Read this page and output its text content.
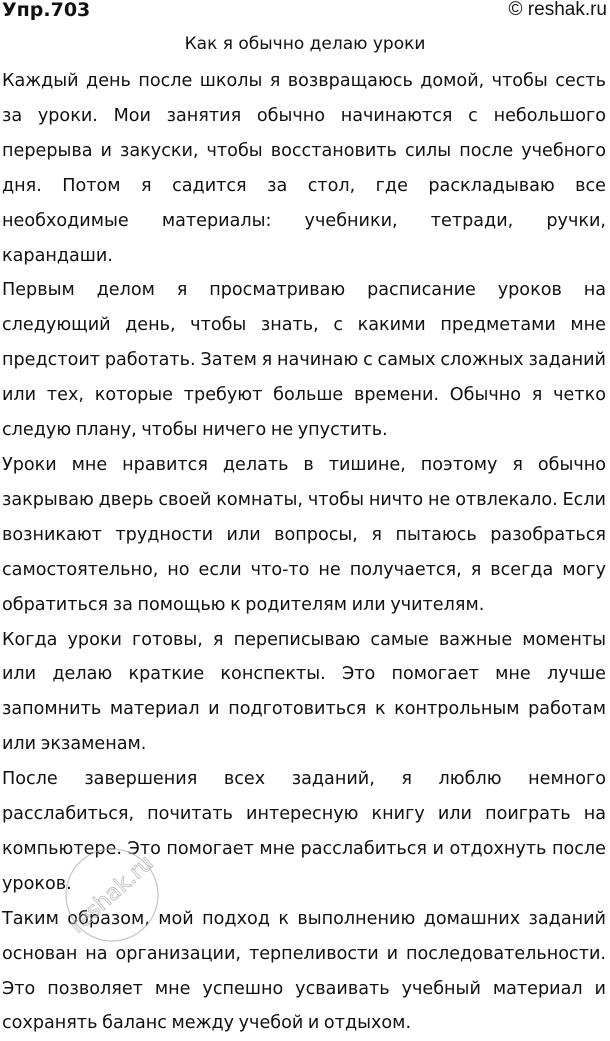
Упр.703	© reshak.ru
Как я обычно делаю уроки

Каждый день после школы я возвращаюсь домой, чтобы сесть за уроки. Мои занятия обычно начинаются с небольшого перерыва и закуски, чтобы восстановить силы после учебного дня. Потом я садится за стол, где раскладываю все необходимые материалы: учебники, тетради, ручки, карандаши.

Первым делом я просматриваю расписание уроков на следующий день, чтобы знать, с какими предметами мне предстоит работать. Затем я начинаю с самых сложных заданий или тех, которые требуют больше времени. Обычно я четко следую плану, чтобы ничего не упустить.

Уроки мне нравится делать в тишине, поэтому я обычно закрываю дверь своей комнаты, чтобы ничто не отвлекало. Если возникают трудности или вопросы, я пытаюсь разобраться самостоятельно, но если что-то не получается, я всегда могу обратиться за помощью к родителям или учителям.

Когда уроки готовы, я переписываю самые важные моменты или делаю краткие конспекты. Это помогает мне лучше запомнить материал и подготовиться к контрольным работам или экзаменам.

После завершения всех заданий, я люблю немного расслабиться, почитать интересную книгу или поиграть на компьютере. Это помогает мне расслабиться и отдохнуть после уроков.

Таким образом, мой подход к выполнению домашних заданий основан на организации, терпеливости и последовательности. Это позволяет мне успешно усваивать учебный материал и сохранять баланс между учебой и отдыхом.

reshak.ru
